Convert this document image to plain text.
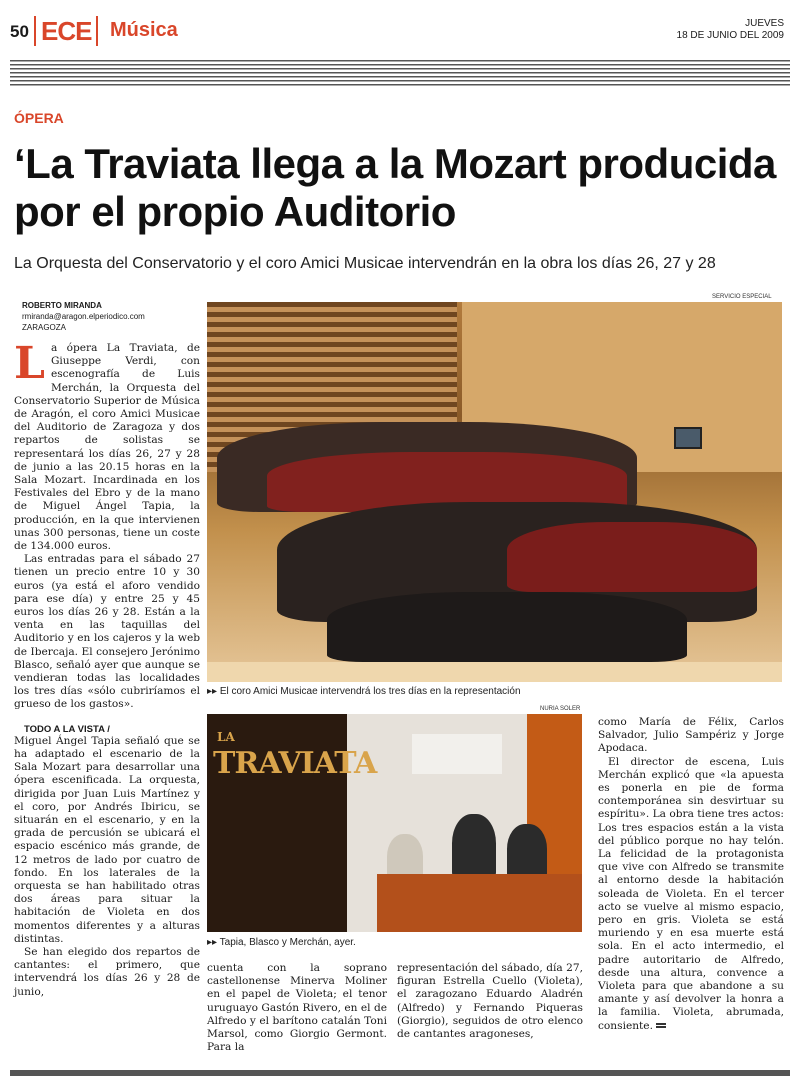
50 ECE Música	JUEVES
18 DE JUNIO DEL 2009
ÓPERA
‘La Traviata llega a la Mozart producida por el propio Auditorio
La Orquesta del Conservatorio y el coro Amici Musicae intervendrán en la obra los días 26, 27 y 28
ROBERTO MIRANDA
rmiranda@aragon.elperiodico.com
ZARAGOZA

L a ópera La Traviata, de Giuseppe Verdi, con escenografía de Luis Merchán, la Orquesta del Conservatorio Superior de Música de Aragón, el coro Amici Musicae del Auditorio de Zaragoza y dos repartos de solistas se representará los días 26, 27 y 28 de junio a las 20.15 horas en la Sala Mozart. Incardinada en los Festivales del Ebro y de la mano de Miguel Ángel Tapia, la producción, en la que intervienen unas 300 personas, tiene un coste de 134.000 euros.

Las entradas para el sábado 27 tienen un precio entre 10 y 30 euros (ya está el aforo vendido para ese día) y entre 25 y 45 euros los días 26 y 28. Están a la venta en las taquillas del Auditorio y en los cajeros y la web de Ibercaja. El consejero Jerónimo Blasco, señaló ayer que aunque se vendieran todas las localidades los tres días «sólo cubriríamos el grueso de los gastos».

TODO A LA VISTA /

Miguel Ángel Tapia señaló que se ha adaptado el escenario de la Sala Mozart para desarrollar una ópera escenificada. La orquesta, dirigida por Juan Luis Martínez y el coro, por Andrés Ibiricu, se situarán en el escenario, y en la grada de percusión se ubicará el espacio escénico más grande, de 12 metros de lado por cuatro de fondo. En los laterales de la orquesta se han habilitado otras dos áreas para situar la habitación de Violeta en dos momentos diferentes y a alturas distintas.

Se han elegido dos repartos de cantantes: el primero, que intervendrá los días 26 y 28 de junio,

SERVICIO ESPECIAL
▸▸ El coro Amici Musicae intervendrá los tres días en la representación
NURIA SOLER
LA
TRAVIATA
▸▸ Tapia, Blasco y Merchán, ayer.

cuenta con la soprano castellonense Minerva Moliner en el papel de Violeta; el tenor uruguayo Gastón Rivero, en el de Alfredo y el barítono catalán Toni Marsol, como Giorgio Germont. Para la

representación del sábado, día 27, figuran Estrella Cuello (Violeta), el zaragozano Eduardo Aladrén (Alfredo) y Fernando Piqueras (Giorgio), seguidos de otro elenco de cantantes aragoneses,

como María de Félix, Carlos Salvador, Julio Sampériz y Jorge Apodaca.

El director de escena, Luis Merchán explicó que «la apuesta es ponerla en pie de forma contemporánea sin desvirtuar su espíritu». La obra tiene tres actos: Los tres espacios están a la vista del público porque no hay telón. La felicidad de la protagonista que vive con Alfredo se transmite al entorno desde la habitación soleada de Violeta. En el tercer acto se vuelve al mismo espacio, pero en gris. Violeta se está muriendo y en esa muerte está sola. En el acto intermedio, el padre autoritario de Alfredo, desde una altura, convence a Violeta para que abandone a su amante y así devolver la honra a la familia. Violeta, abrumada, consiente.
